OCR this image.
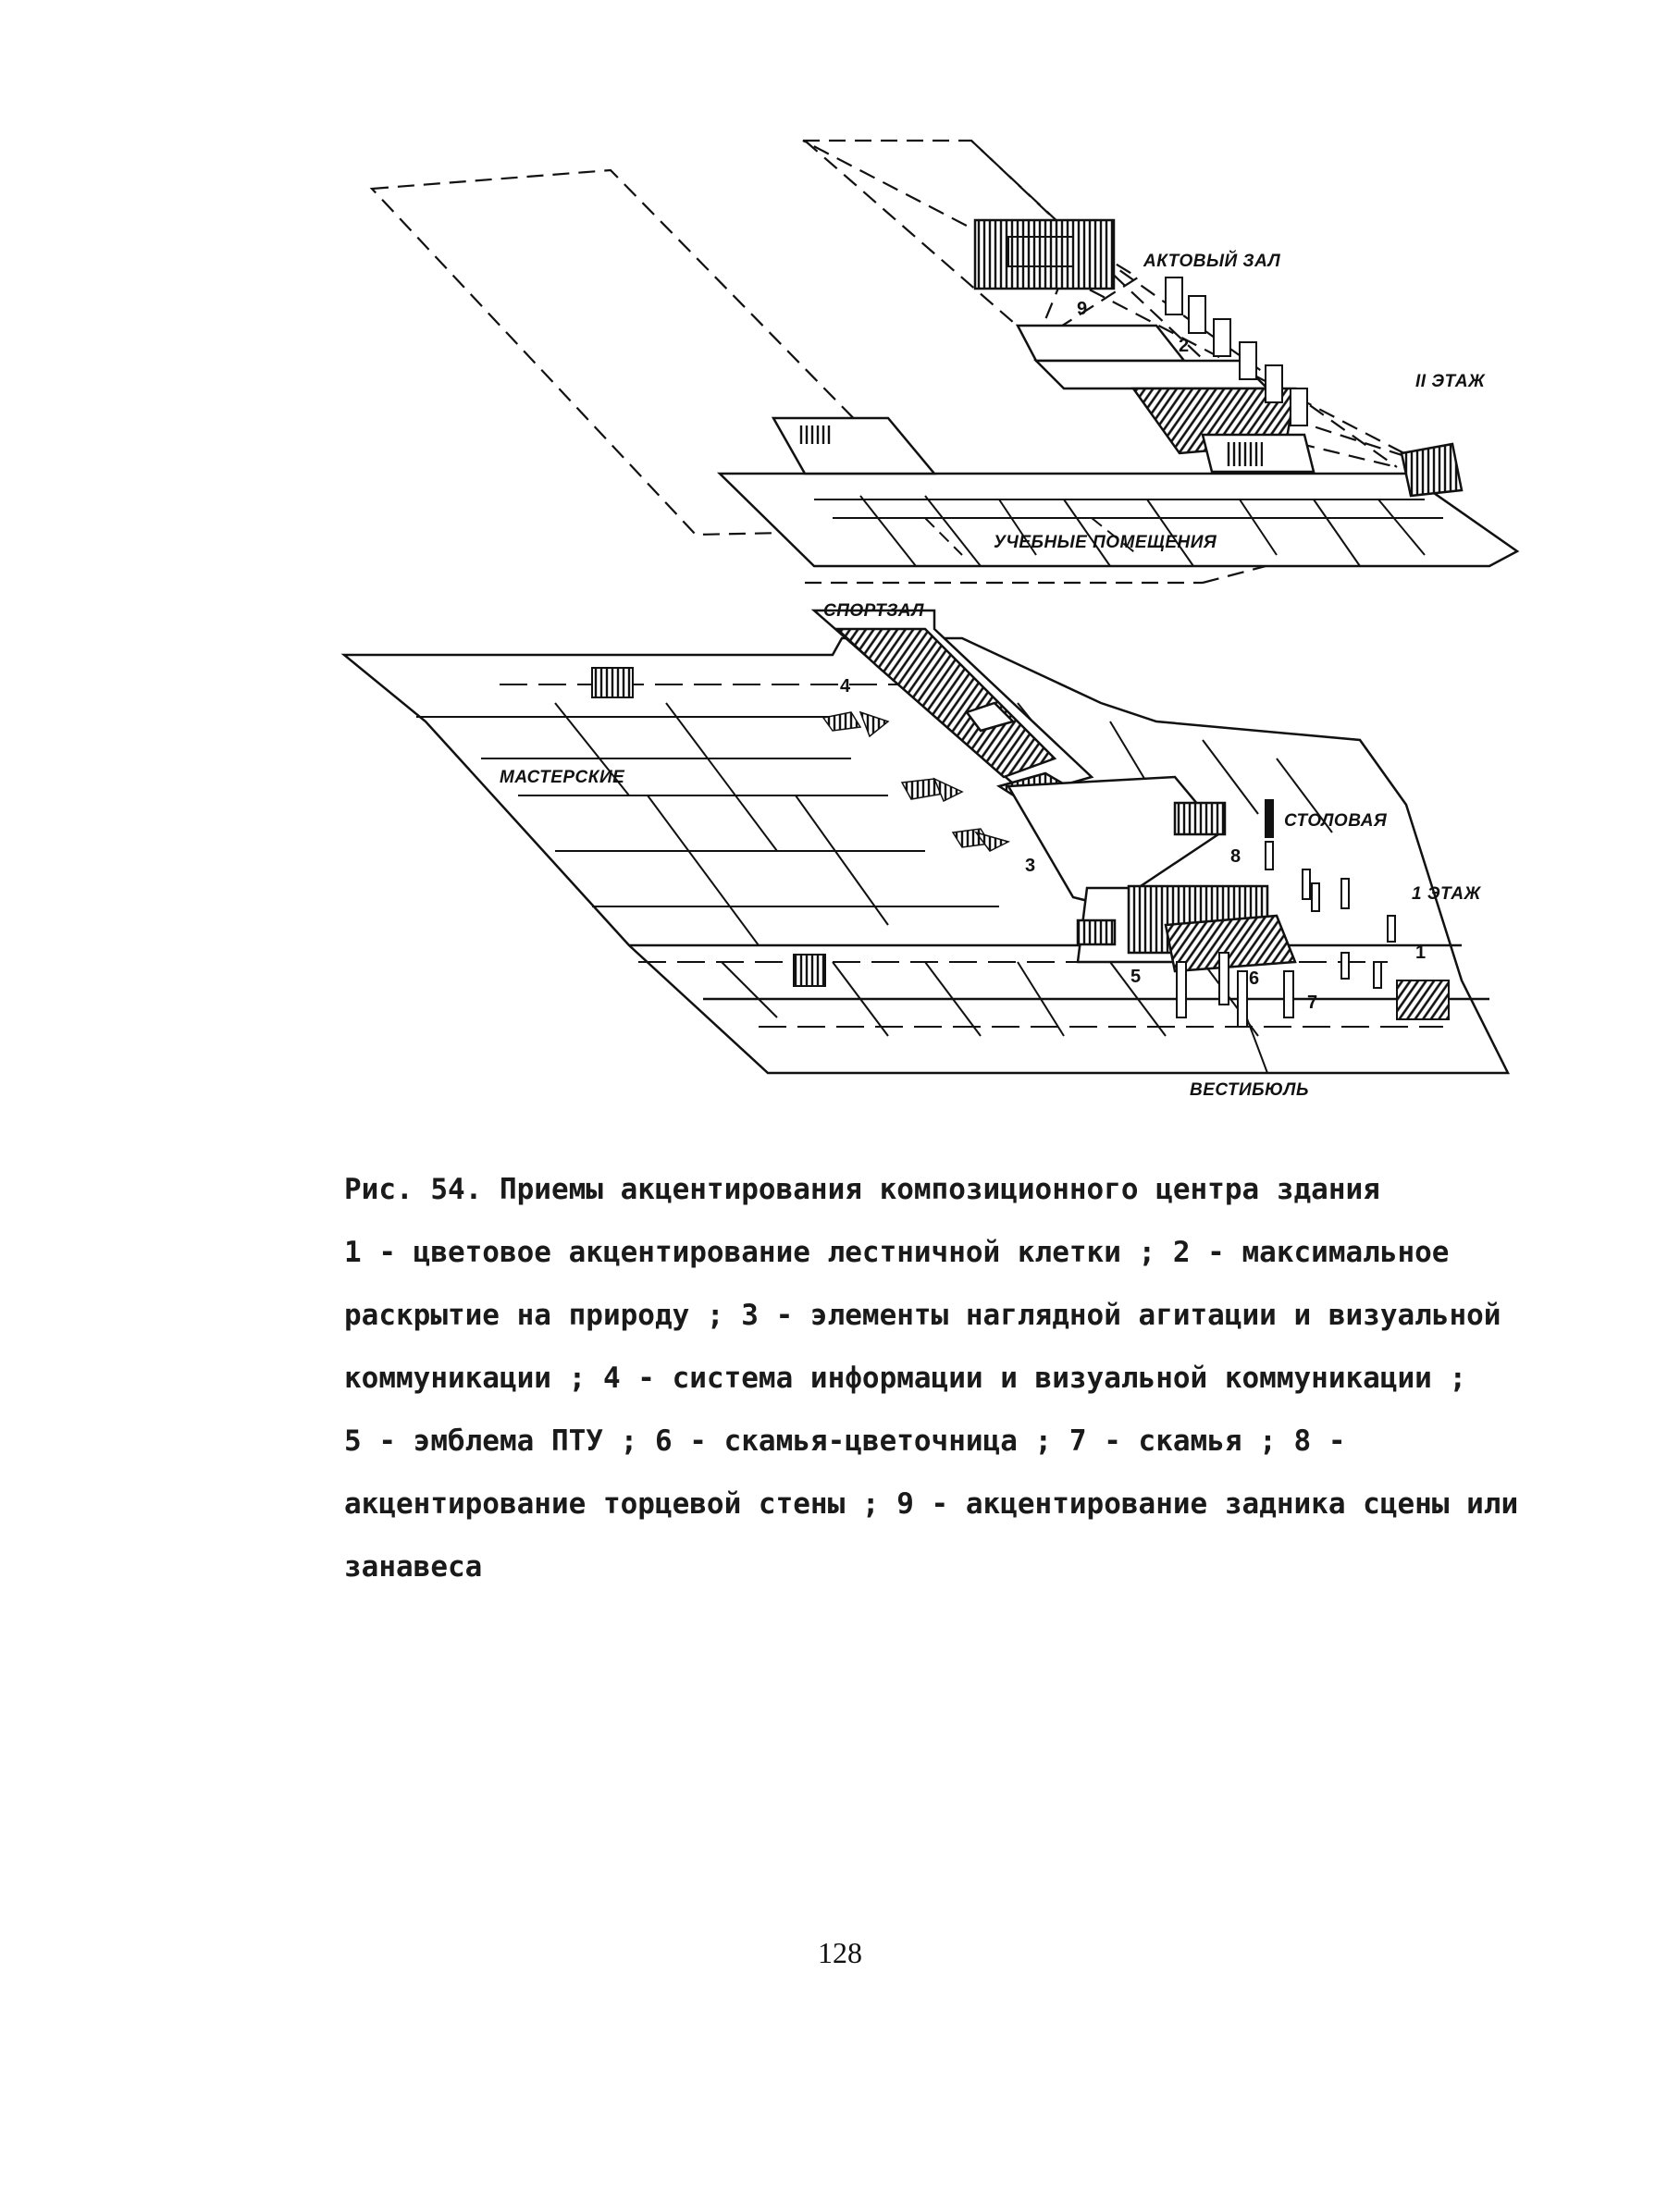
АКТОВЫЙ ЗАЛ
II ЭТАЖ
УЧЕБНЫЕ ПОМЕЩЕНИЯ
СПОРТЗАЛ
МАСТЕРСКИЕ
СТОЛОВАЯ
1 ЭТАЖ
ВЕСТИБЮЛЬ
1
2
3
4
5	6
7
8
9

Рис. 54. Приемы акцентирования композиционного центра здания

1 - цветовое акцентирование лестничной клетки ; 2 - максимальное раскрытие на природу ; 3 - элементы наглядной агитации и визуальной коммуникации ; 4 - система информации и визуальной коммуникации ;

5 - эмблема ПТУ ; 6 - скамья-цветочница ; 7 - скамья ; 8 - акцентирование торцевой стены ; 9 - акцентирование задника сцены или занавеса

128
